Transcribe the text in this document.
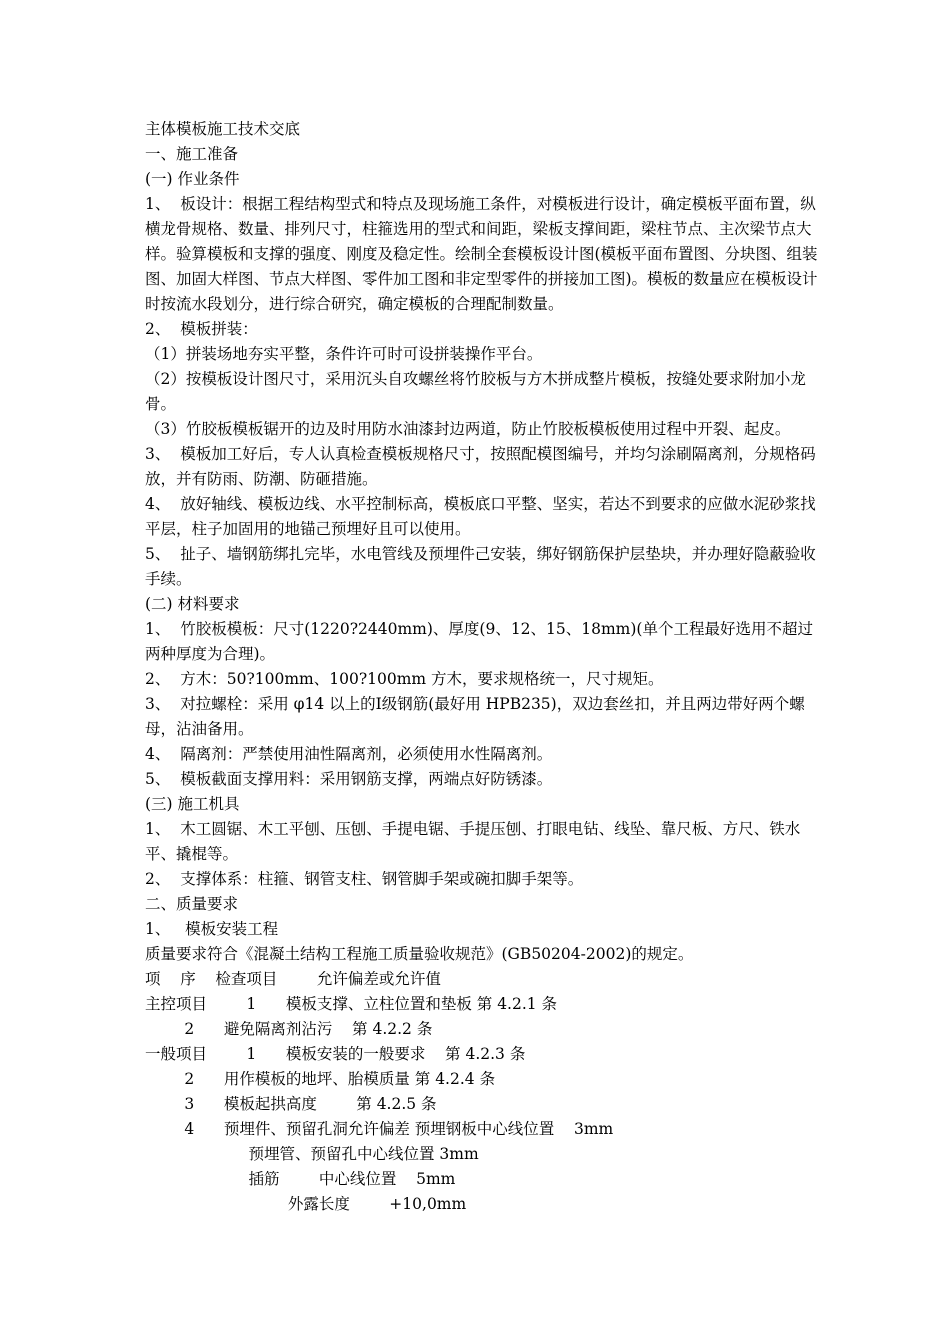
主体模板施工技术交底

一、施工准备

(一) 作业条件

1、  板设计：根据工程结构型式和特点及现场施工条件，对模板进行设计，确定模板平面布置，纵横龙骨规格、数量、排列尺寸，柱箍选用的型式和间距，梁板支撑间距，梁柱节点、主次梁节点大样。验算模板和支撑的强度、刚度及稳定性。绘制全套模板设计图(模板平面布置图、分块图、组装图、加固大样图、节点大样图、零件加工图和非定型零件的拼接加工图)。模板的数量应在模板设计时按流水段划分，进行综合研究，确定模板的合理配制数量。

2、  模板拼装：

（1）拼装场地夯实平整，条件许可时可设拼装操作平台。

（2）按模板设计图尺寸，采用沉头自攻螺丝将竹胶板与方木拼成整片模板，按缝处要求附加小龙骨。

（3）竹胶板模板锯开的边及时用防水油漆封边两道，防止竹胶板模板使用过程中开裂、起皮。

3、  模板加工好后，专人认真检查模板规格尺寸，按照配模图编号，并均匀涂刷隔离剂，分规格码放，并有防雨、防潮、防砸措施。

4、  放好轴线、模板边线、水平控制标高，模板底口平整、坚实，若达不到要求的应做水泥砂浆找平层，柱子加固用的地锚己预埋好且可以使用。

5、  扯子、墙钢筋绑扎完毕，水电管线及预埋件己安装，绑好钢筋保护层垫块，并办理好隐蔽验收手续。

(二) 材料要求

1、  竹胶板模板：尺寸(1220?2440mm)、厚度(9、12、15、18mm)(单个工程最好选用不超过两种厚度为合理)。

2、  方木：50?100mm、100?100mm 方木，要求规格统一，尺寸规矩。

3、  对拉螺栓：采用 φ14 以上的Ⅰ级钢筋(最好用 HPB235)，双边套丝扣，并且两边带好两个螺母，沾油备用。

4、  隔离剂：严禁使用油性隔离剂，必须使用水性隔离剂。

5、  模板截面支撑用料：采用钢筋支撑，两端点好防锈漆。

(三) 施工机具

1、  木工圆锯、木工平刨、压刨、手提电锯、手提压刨、打眼电钻、线坠、靠尺板、方尺、铁水平、撬棍等。

2、  支撑体系：柱箍、钢管支柱、钢管脚手架或碗扣脚手架等。

二、质量要求

1、   模板安装工程

质量要求符合《混凝土结构工程施工质量验收规范》(GB50204-2002)的规定。

项    序    检查项目        允许偏差或允许值

主控项目        1      模板支撑、立柱位置和垫板 第 4.2.1 条

2      避免隔离剂沾污    第 4.2.2 条

一般项目        1      模板安装的一般要求    第 4.2.3 条

2      用作模板的地坪、胎模质量 第 4.2.4 条

3      模板起拱高度        第 4.2.5 条

4      预埋件、预留孔洞允许偏差 预埋钢板中心线位置    3mm

预埋管、预留孔中心线位置 3mm

插筋        中心线位置    5mm

外露长度        +10,0mm
